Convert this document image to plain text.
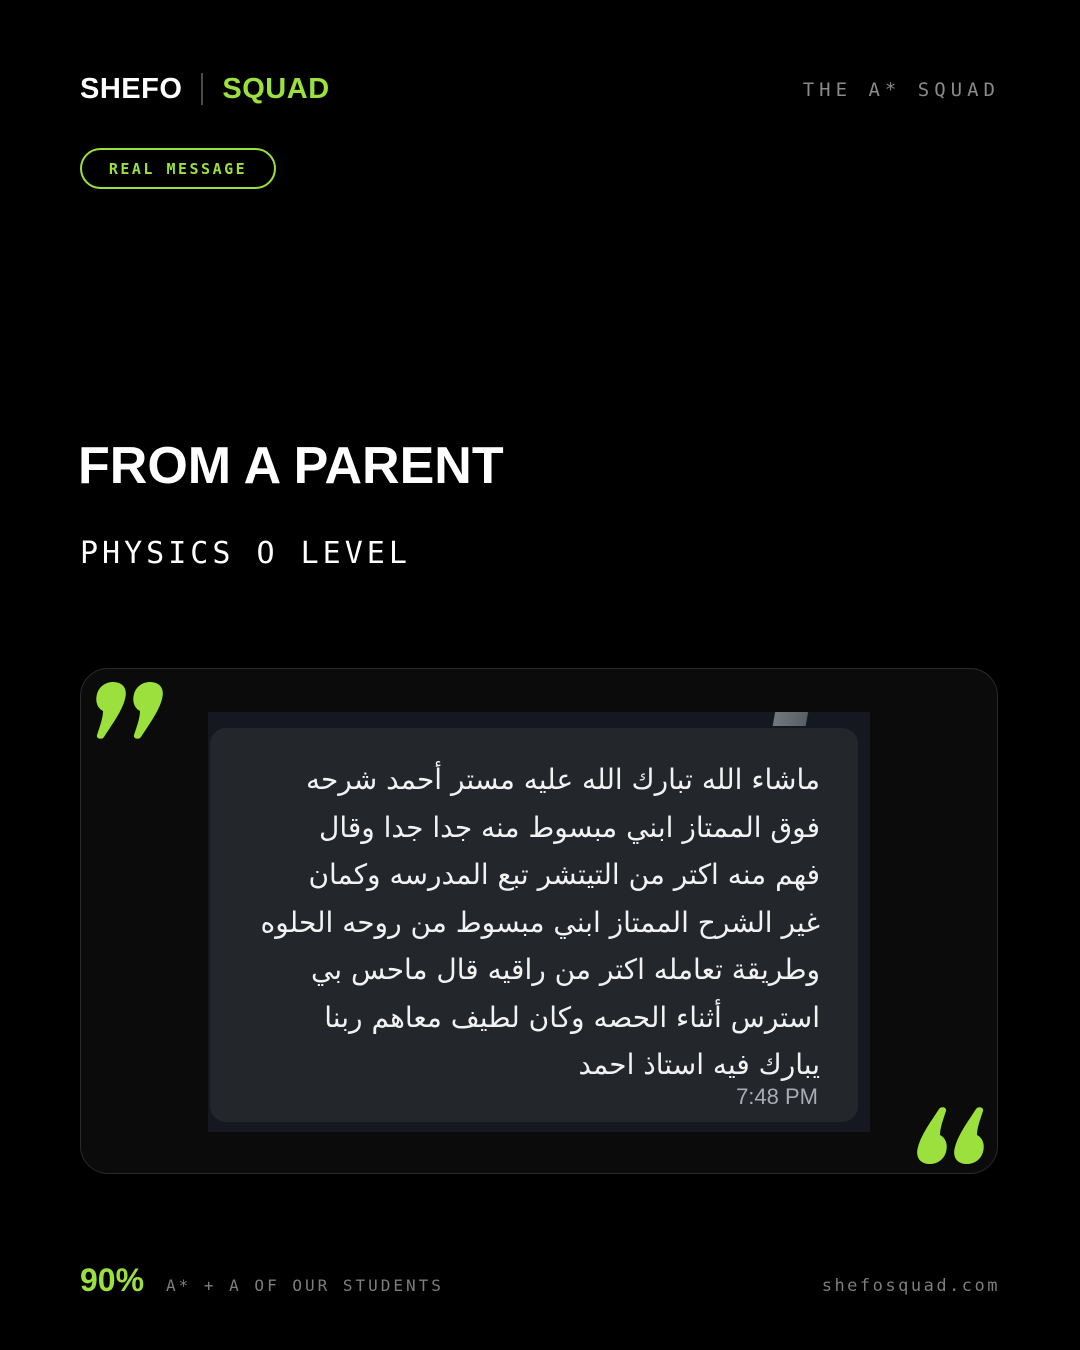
SHEFO SQUAD	THE A* SQUAD
REAL MESSAGE
FROM A PARENT
PHYSICS O LEVEL
ماشاء الله تبارك الله عليه مستر أحمد شرحه
فوق الممتاز ابني مبسوط منه جدا جدا وقال
فهم منه اكتر من التيتشر تبع المدرسه وكمان
غير الشرح الممتاز ابني مبسوط من روحه الحلوه
وطريقة تعامله اكتر من راقيه قال ماحس بي
استرس أثناء الحصه وكان لطيف معاهم ربنا
يبارك فيه استاذ احمد
7:48 PM
90% A* + A OF OUR STUDENTS	shefosquad.com
